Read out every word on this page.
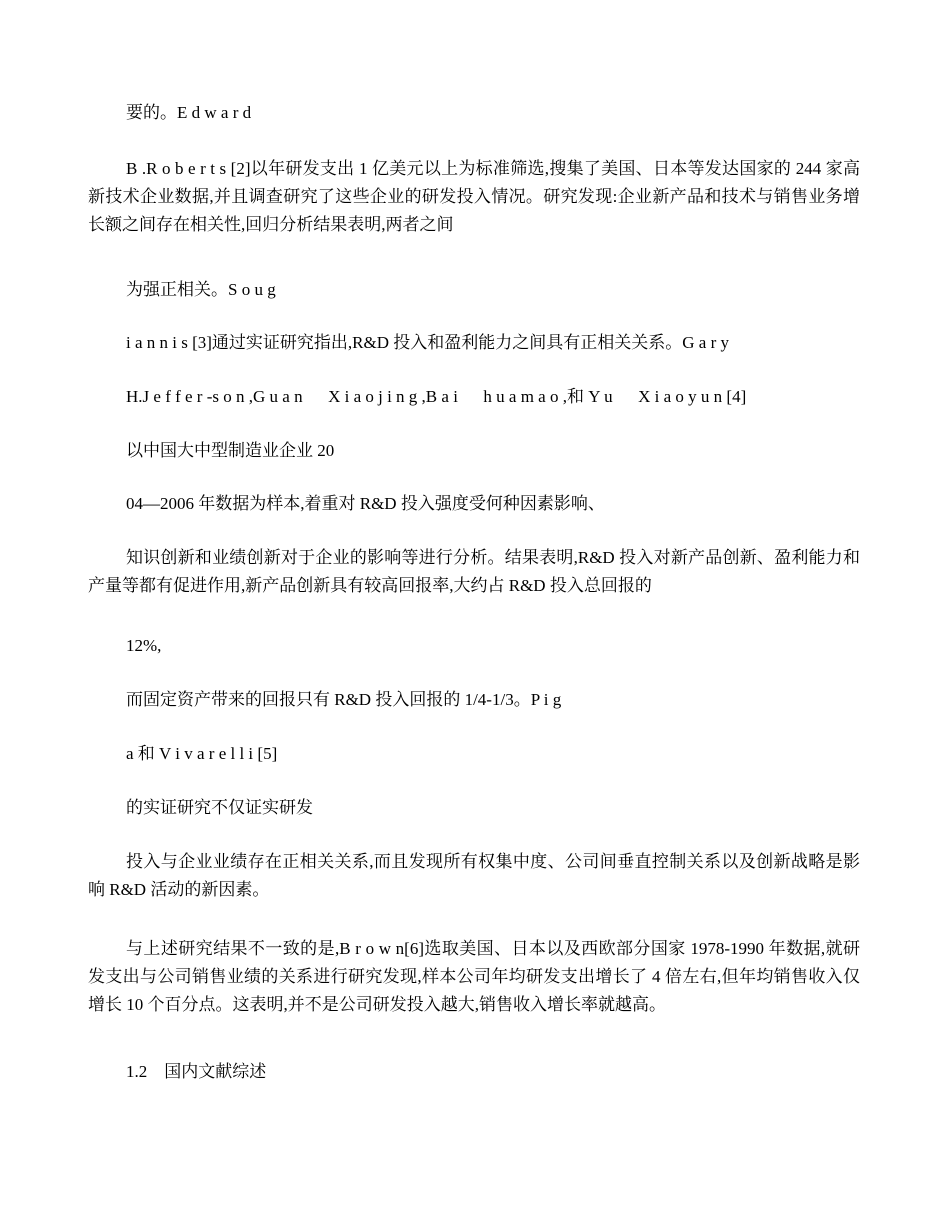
要的。E d w a r d

B .R o b e r t s [2]以年研发支出 1 亿美元以上为标准筛选,搜集了美国、日本等发达国家的 244 家高新技术企业数据,并且调查研究了这些企业的研发投入情况。研究发现:企业新产品和技术与销售业务增长额之间存在相关性,回归分析结果表明,两者之间

为强正相关。S o u g

i a n n i s [3]通过实证研究指出,R&D 投入和盈利能力之间具有正相关关系。G a r y

H.J e f f e r -s o n ,G u a n      X i a o j i n g ,B a i      h u a m a o ,和 Y u      X i a o y u n [4]

以中国大中型制造业企业 20

04—2006 年数据为样本,着重对 R&D 投入强度受何种因素影响、

知识创新和业绩创新对于企业的影响等进行分析。结果表明,R&D 投入对新产品创新、盈利能力和产量等都有促进作用,新产品创新具有较高回报率,大约占 R&D 投入总回报的

12%,

而固定资产带来的回报只有 R&D 投入回报的 1/4-1/3。P i g

a 和 V i v a r e l l i [5]

的实证研究不仅证实研发

投入与企业业绩存在正相关关系,而且发现所有权集中度、公司间垂直控制关系以及创新战略是影响 R&D 活动的新因素。

与上述研究结果不一致的是,B r o w n[6]选取美国、日本以及西欧部分国家 1978-1990 年数据,就研发支出与公司销售业绩的关系进行研究发现,样本公司年均研发支出增长了 4 倍左右,但年均销售收入仅增长 10 个百分点。这表明,并不是公司研发投入越大,销售收入增长率就越高。

1.2    国内文献综述
